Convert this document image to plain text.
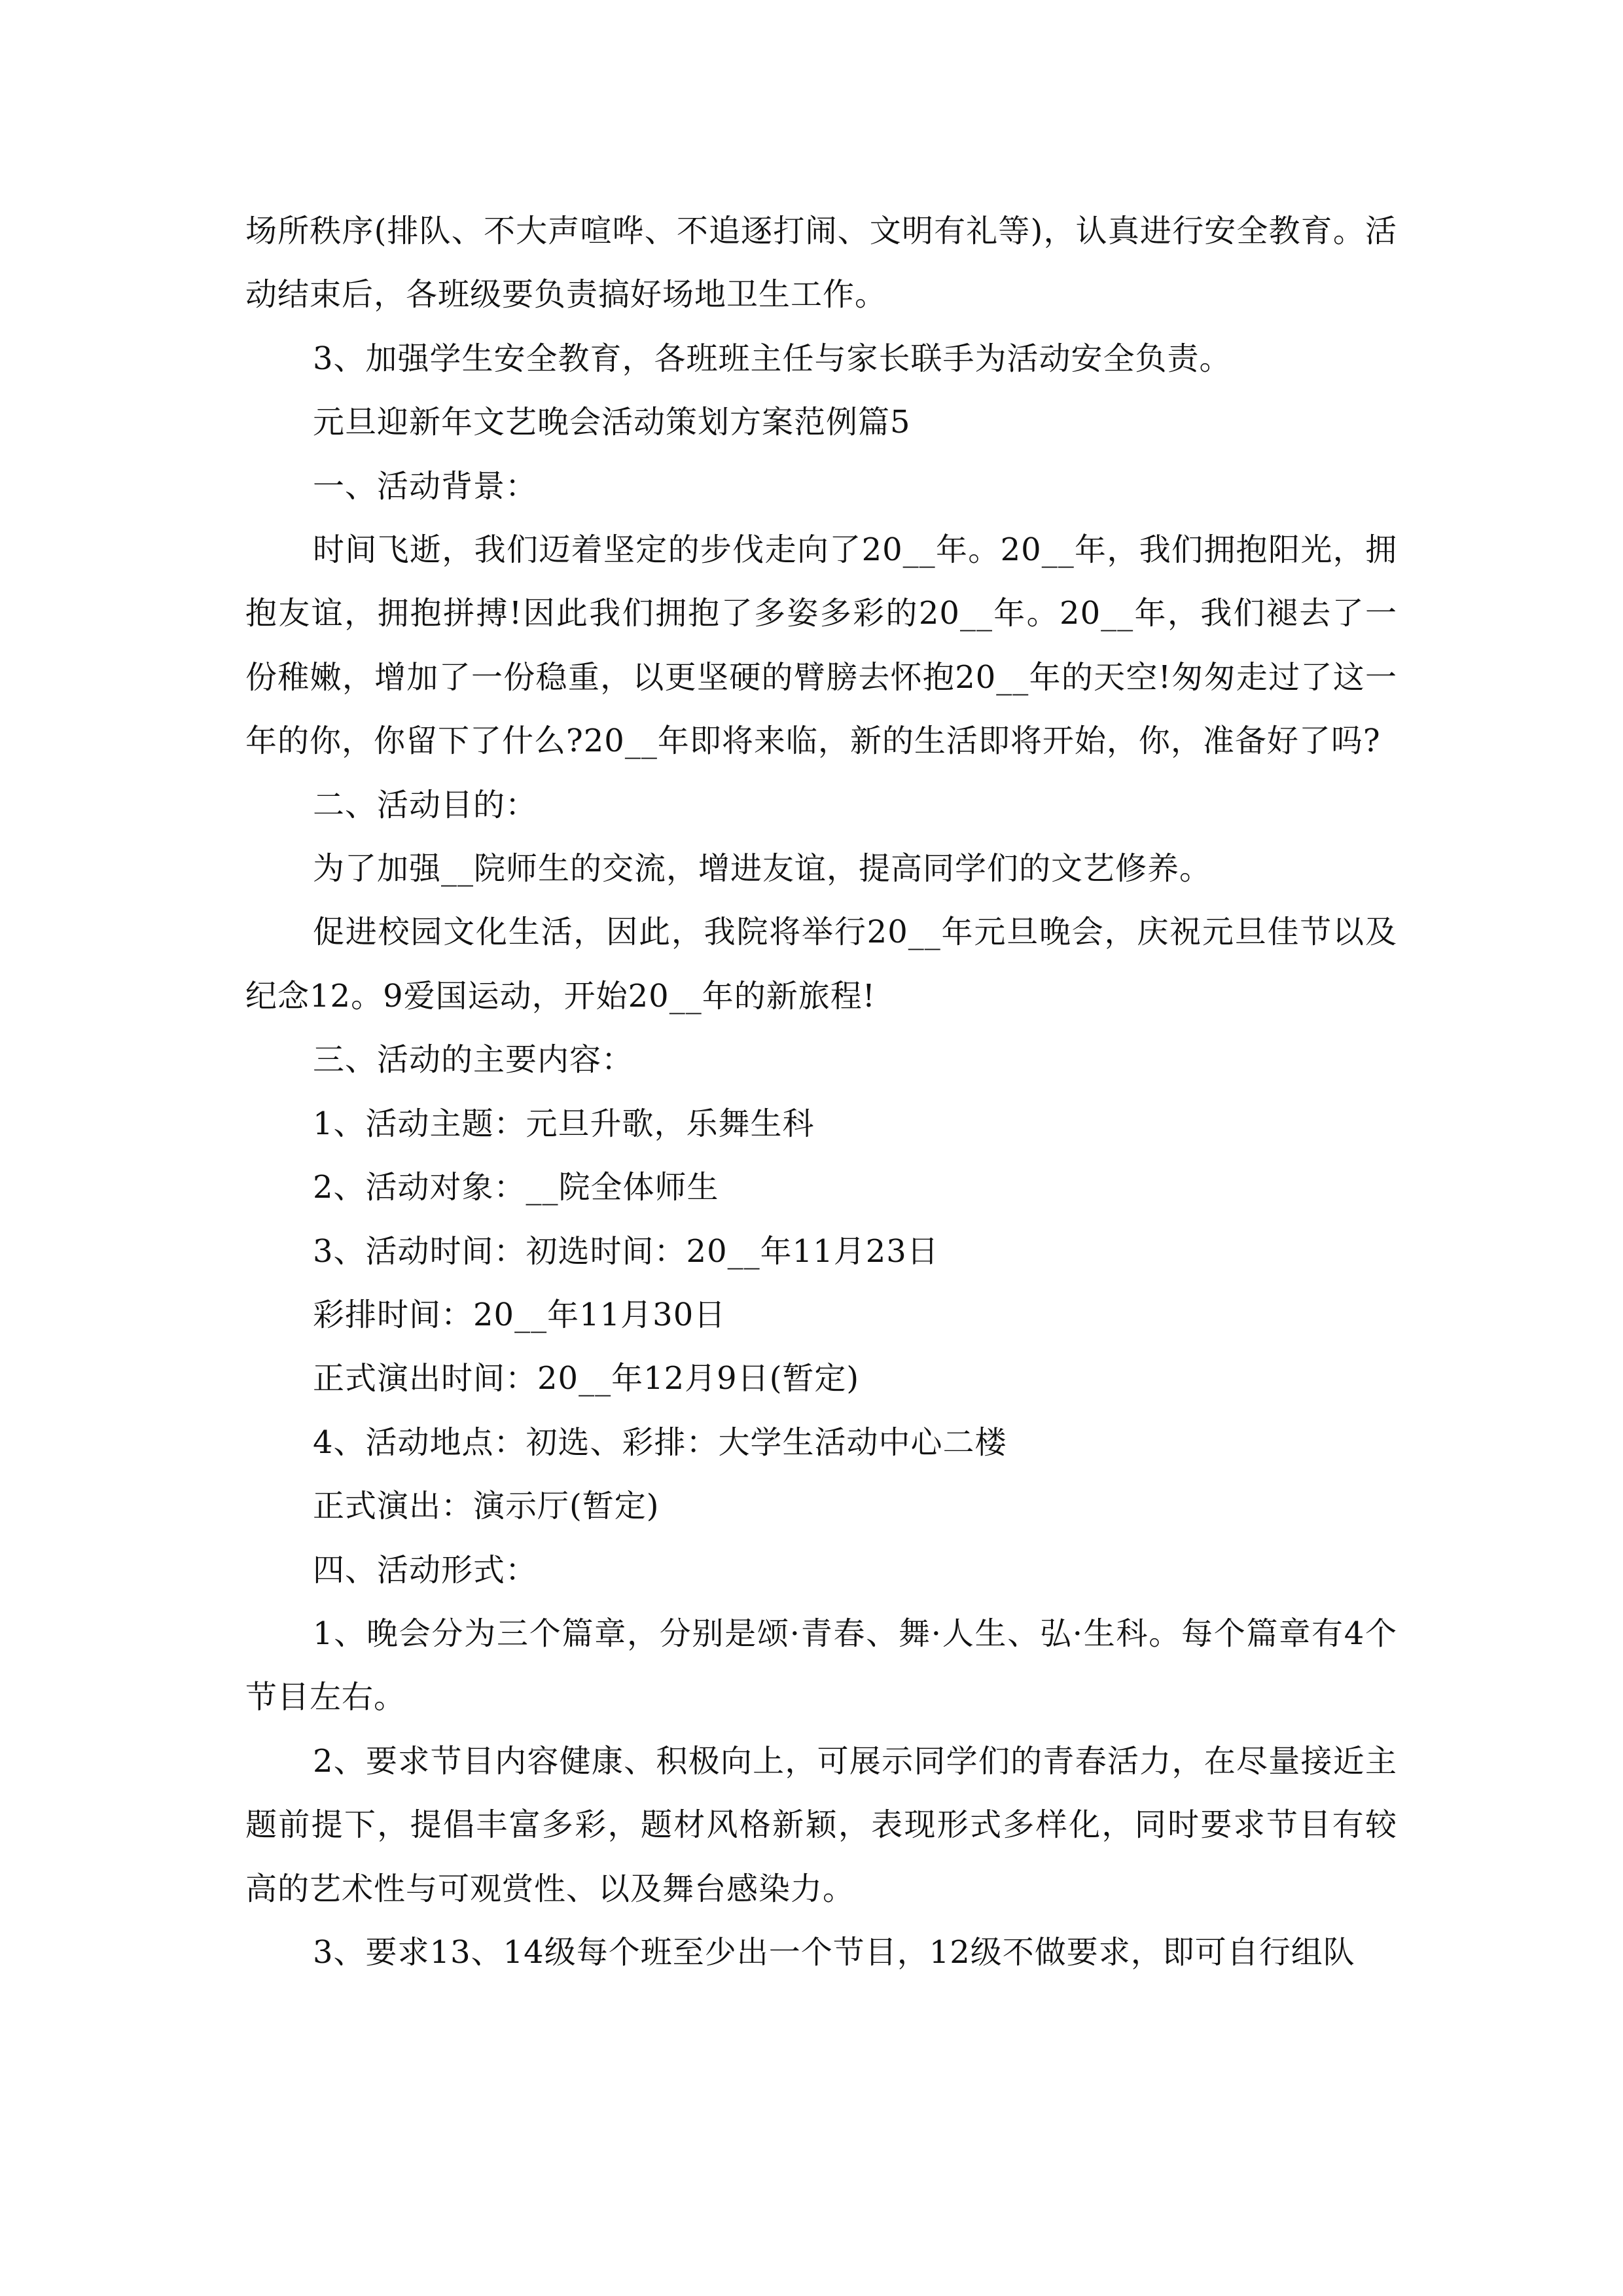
场所秩序(排队、不大声喧哗、不追逐打闹、文明有礼等)，认真进行安全教育。活动结束后，各班级要负责搞好场地卫生工作。

3、加强学生安全教育，各班班主任与家长联手为活动安全负责。

元旦迎新年文艺晚会活动策划方案范例篇5

一、活动背景：

时间飞逝，我们迈着坚定的步伐走向了20__年。20__年，我们拥抱阳光，拥抱友谊，拥抱拼搏!因此我们拥抱了多姿多彩的20__年。20__年，我们褪去了一份稚嫩，增加了一份稳重，以更坚硬的臂膀去怀抱20__年的天空!匆匆走过了这一年的你，你留下了什么?20__年即将来临，新的生活即将开始，你，准备好了吗?

二、活动目的：

为了加强__院师生的交流，增进友谊，提高同学们的文艺修养。

促进校园文化生活，因此，我院将举行20__年元旦晚会，庆祝元旦佳节以及纪念12。9爱国运动，开始20__年的新旅程!

三、活动的主要内容：

1、活动主题：元旦升歌，乐舞生科

2、活动对象：__院全体师生

3、活动时间：初选时间：20__年11月23日

彩排时间：20__年11月30日

正式演出时间：20__年12月9日(暂定)

4、活动地点：初选、彩排：大学生活动中心二楼

正式演出：演示厅(暂定)

四、活动形式：

1、晚会分为三个篇章，分别是颂·青春、舞·人生、弘·生科。每个篇章有4个节目左右。

2、要求节目内容健康、积极向上，可展示同学们的青春活力，在尽量接近主题前提下，提倡丰富多彩，题材风格新颖，表现形式多样化，同时要求节目有较高的艺术性与可观赏性、以及舞台感染力。

3、要求13、14级每个班至少出一个节目，12级不做要求，即可自行组队
